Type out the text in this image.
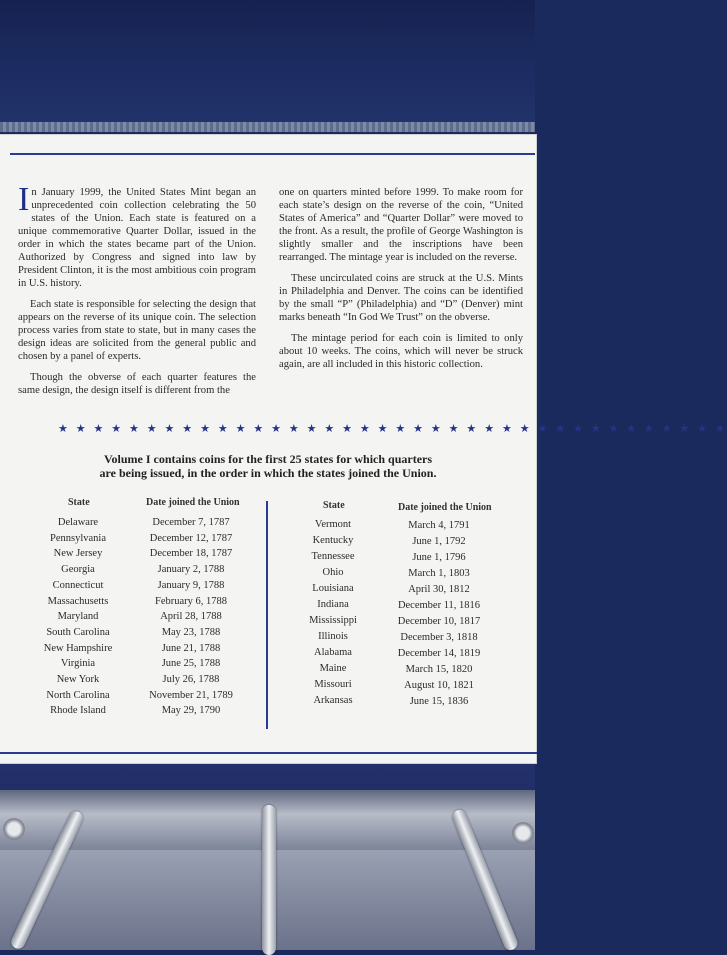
In January 1999, the United States Mint began an unprecedented coin collection celebrating the 50 states of the Union. Each state is featured on a unique commemorative Quarter Dollar, issued in the order in which the states became part of the Union. Authorized by Congress and signed into law by President Clinton, it is the most ambitious coin program in U.S. history.

Each state is responsible for selecting the design that appears on the reverse of its unique coin. The selection process varies from state to state, but in many cases the design ideas are solicited from the general public and chosen by a panel of experts.

Though the obverse of each quarter features the same design, the design itself is different from the

one on quarters minted before 1999. To make room for each state’s design on the reverse of the coin, “United States of America” and “Quarter Dollar” were moved to the front. As a result, the profile of George Washington is slightly smaller and the inscriptions have been rearranged. The mintage year is included on the reverse.

These uncirculated coins are struck at the U.S. Mints in Philadelphia and Denver. The coins can be identified by the small “P” (Philadelphia) and “D” (Denver) mint marks beneath “In God We Trust” on the obverse.

The mintage period for each coin is limited to only about 10 weeks. The coins, which will never be struck again, are all included in this historic collection.

★ ★ ★ ★ ★ ★ ★ ★ ★ ★ ★ ★ ★ ★ ★ ★ ★ ★ ★ ★ ★ ★ ★ ★ ★ ★ ★ ★ ★ ★ ★ ★ ★ ★ ★ ★ ★ ★
Volume I contains coins for the first 25 states for which quarters
are being issued, in the order in which the states joined the Union.
State	Date joined the Union
Delaware	December 7, 1787
Pennsylvania	December 12, 1787
New Jersey	December 18, 1787
Georgia	January 2, 1788
Connecticut	January 9, 1788
Massachusetts	February 6, 1788
Maryland	April 28, 1788
South Carolina	May 23, 1788
New Hampshire	June 21, 1788
Virginia	June 25, 1788
New York	July 26, 1788
North Carolina	November 21, 1789
Rhode Island	May 29, 1790
State	Date joined the Union
Vermont	March 4, 1791
Kentucky	June 1, 1792
Tennessee	June 1, 1796
Ohio	March 1, 1803
Louisiana	April 30, 1812
Indiana	December 11, 1816
Mississippi	December 10, 1817
Illinois	December 3, 1818
Alabama	December 14, 1819
Maine	March 15, 1820
Missouri	August 10, 1821
Arkansas	June 15, 1836
